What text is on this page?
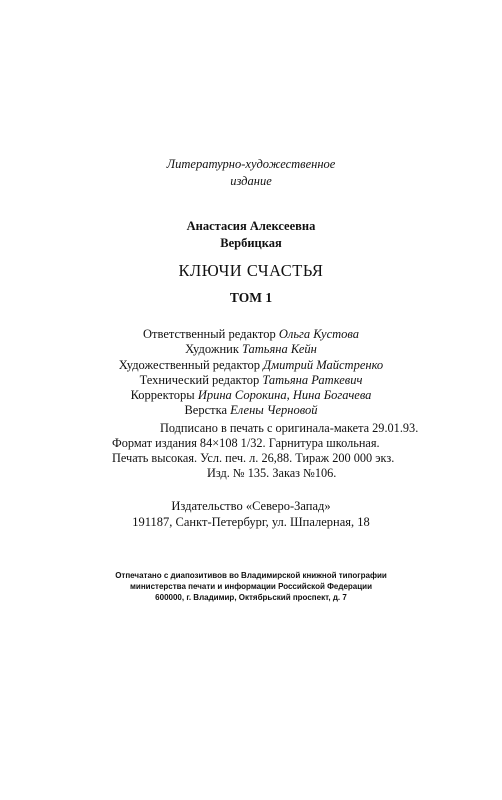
Литературно-художественное
издание
Анастасия Алексеевна
Вербицкая
КЛЮЧИ СЧАСТЬЯ
ТОМ 1
Ответственный редактор Ольга Кустова
Художник Татьяна Кейн
Художественный редактор Дмитрий Майстренко
Технический редактор Татьяна Раткевич
Корректоры Ирина Сорокина, Нина Богачева
Верстка Елены Черновой
Подписано в печать с оригинала-макета 29.01.93.
Формат издания 84×108 1/32. Гарнитура школьная.
Печать высокая. Усл. печ. л. 26,88. Тираж 200 000 экз.
Изд. № 135. Заказ №106.
Издательство «Северо-Запад»
191187, Санкт-Петербург, ул. Шпалерная, 18
Отпечатано с диапозитивов во Владимирской книжной типографии
министерства печати и информации Российской Федерации
600000, г. Владимир, Октябрьский проспект, д. 7
